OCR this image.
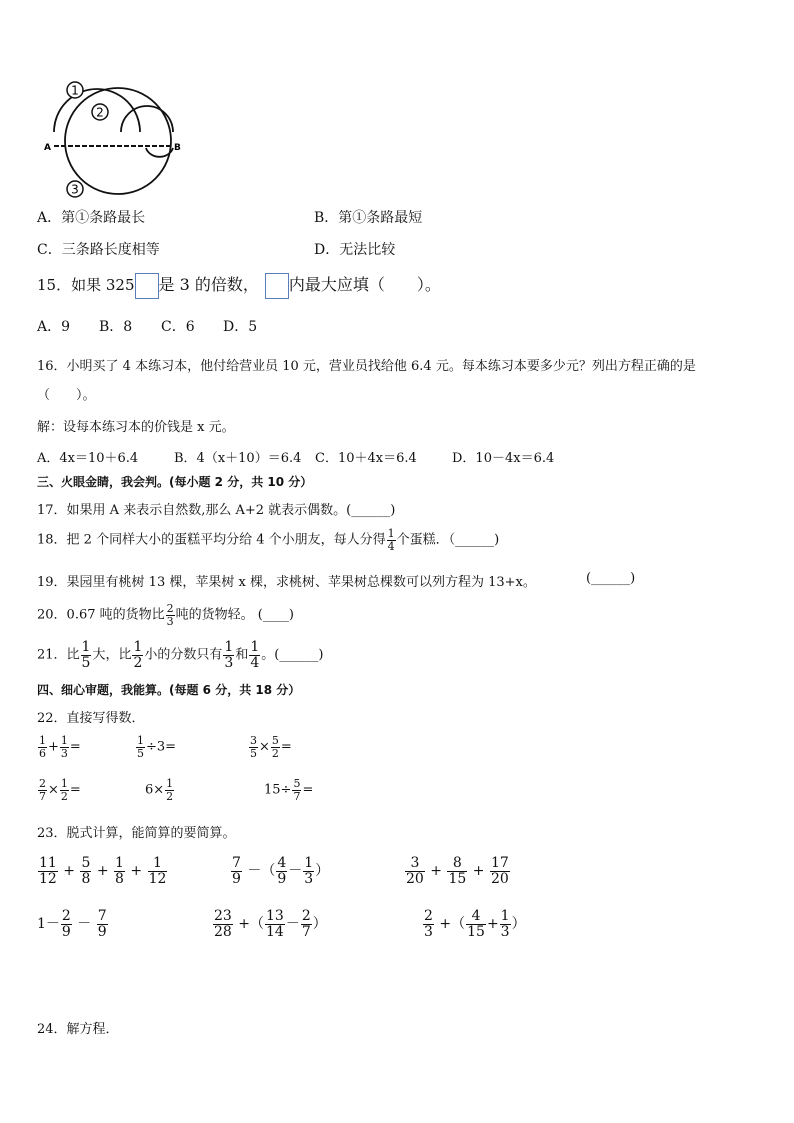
1
2
3
A	B
A．第①条路最长	B．第①条路最短
C．三条路长度相等	D．无法比较
15．如果 325 是 3 的倍数， 内最大应填（　　）。
A．9 B．8 C．6 D．5
16．小明买了 4 本练习本，他付给营业员 10 元，营业员找给他 6.4 元。每本练习本要多少元？列出方程正确的是
（　　）。
解：设每本练习本的价钱是 x 元。
A．4x＝10＋6.4	B．4（x＋10）＝6.4 C．10＋4x＝6.4	D．10－4x＝6.4
三、火眼金睛，我会判。(每小题 2 分，共 10 分）
17．如果用 A 来表示自然数,那么 A+2 就表示偶数。(______)
18．把 2 个同样大小的蛋糕平均分给 4 个小朋友，每人分得 $\frac{1}{4}$ 个蛋糕．（______)
19．果园里有桃树 13 棵，苹果树 x 棵，求桃树、苹果树总棵数可以列方程为 13+x。	(______)
20．0.67 吨的货物比 $\frac{2}{3}$ 吨的货物轻。 (____)
21．比 $\frac{1}{5}$ 大，比 $\frac{1}{2}$ 小的分数只有 $\frac{1}{3}$ 和 $\frac{1}{4}$ 。(______)
四、细心审题，我能算。(每题 6 分，共 18 分）
22．直接写得数．
$\frac{1}{6} + \frac{1}{3}$ =	$\frac{1}{5} \div 3=$	$\frac{3}{5} \times \frac{5}{2}$ =
$\frac{2}{7} \times \frac{1}{2}$ =	$6\times \frac{1}{2}$	$15\div \frac{5}{7}$ =
23．脱式计算，能简算的要简算。
$\frac{11}{12} + \frac{5}{8} + \frac{1}{8} + \frac{1}{12}$	$\frac{7}{9}$ －（ $\frac{4}{9} - \frac{1}{3}$ ）	$\frac{3}{20} + \frac{8}{15} + \frac{17}{20}$
$1- \frac{2}{9} - \frac{7}{9}$	$\frac{23}{28}$ +（ $\frac{13}{14} - \frac{2}{7}$ ）	$\frac{2}{3}$ +（ $\frac{4}{15} + \frac{1}{3}$ ）
24．解方程．
